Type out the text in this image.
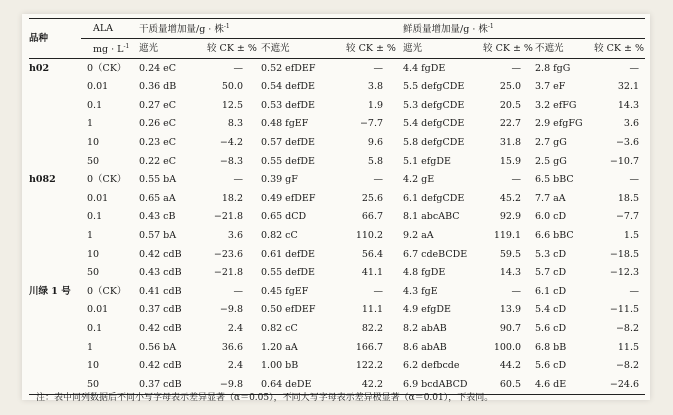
品种	ALA	干质量增加量/g · 株$^{-1}$				鲜质量增加量/g · 株$^{-1}$
	mg · $L^{-1}$	遮光	较 CK ± %	不遮光	较 CK ± %	遮光	较 CK ± %	不遮光	较 CK ± %
h02	0（CK）	0.24 eC	—	0.52 efDEF	—	4.4 fgDE	—	2.8 fgG	—
	0.01	0.36 dB	50.0	0.54 defDE	3.8	5.5 defgCDE	25.0	3.7 eF	32.1
	0.1	0.27 eC	12.5	0.53 defDE	1.9	5.3 defgCDE	20.5	3.2 efFG	14.3
	1	0.26 eC	8.3	0.48 fgEF	−7.7	5.4 defgCDE	22.7	2.9 efgFG	3.6
	10	0.23 eC	−4.2	0.57 defDE	9.6	5.8 defgCDE	31.8	2.7 gG	−3.6
	50	0.22 eC	−8.3	0.55 defDE	5.8	5.1 efgDE	15.9	2.5 gG	−10.7
h082	0（CK）	0.55 bA	—	0.39 gF	—	4.2 gE	—	6.5 bBC	—
	0.01	0.65 aA	18.2	0.49 efDEF	25.6	6.1 defgCDE	45.2	7.7 aA	18.5
	0.1	0.43 cB	−21.8	0.65 dCD	66.7	8.1 abcABC	92.9	6.0 cD	−7.7
	1	0.57 bA	3.6	0.82 cC	110.2	9.2 aA	119.1	6.6 bBC	1.5
	10	0.42 cdB	−23.6	0.61 defDE	56.4	6.7 cdeBCDE	59.5	5.3 cD	−18.5
	50	0.43 cdB	−21.8	0.55 defDE	41.1	4.8 fgDE	14.3	5.7 cD	−12.3
川绿 1 号	0（CK）	0.41 cdB	—	0.45 fgEF	—	4.3 fgE	—	6.1 cD	—
	0.01	0.37 cdB	−9.8	0.50 efDEF	11.1	4.9 efgDE	13.9	5.4 cD	−11.5
	0.1	0.42 cdB	2.4	0.82 cC	82.2	8.2 abAB	90.7	5.6 cD	−8.2
	1	0.56 bA	36.6	1.20 aA	166.7	8.6 abAB	100.0	6.8 bB	11.5
	10	0.42 cdB	2.4	1.00 bB	122.2	6.2 defbcde	44.2	5.6 cD	−8.2
	50	0.37 cdB	−9.8	0.64 deDE	42.2	6.9 bcdABCD	60.5	4.6 dE	−24.6
注：表中同列数据后不同小写字母表示差异显著（α＝0.05），不同大写字母表示差异极显著（α＝0.01），下表同。
